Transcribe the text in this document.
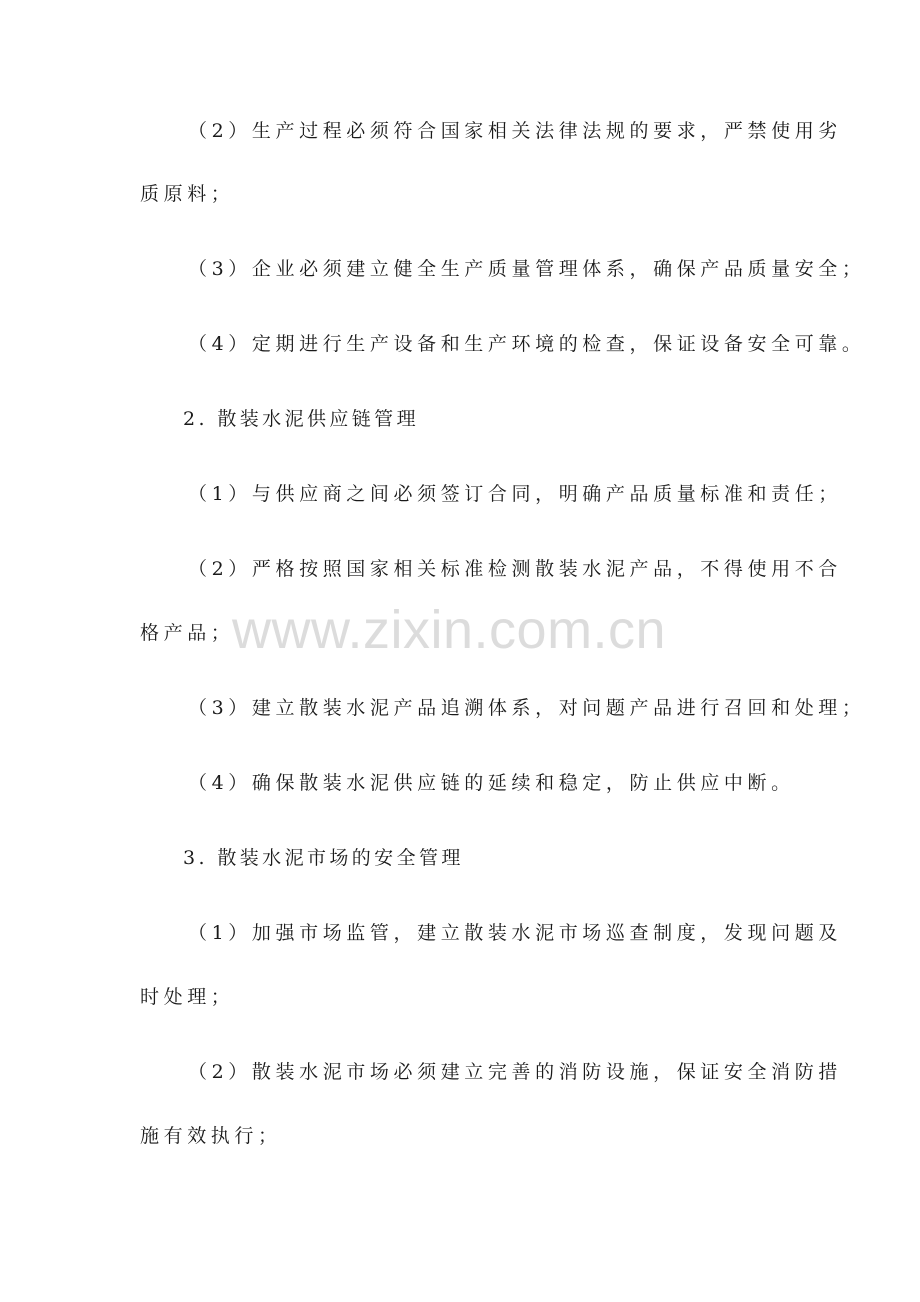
www.zixin.com.cn
（2）生产过程必须符合国家相关法律法规的要求，严禁使用劣
质原料；
（3）企业必须建立健全生产质量管理体系，确保产品质量安全；
（4）定期进行生产设备和生产环境的检查，保证设备安全可靠。
2. 散装水泥供应链管理
（1）与供应商之间必须签订合同，明确产品质量标准和责任；
（2）严格按照国家相关标准检测散装水泥产品，不得使用不合
格产品；
（3）建立散装水泥产品追溯体系，对问题产品进行召回和处理；
（4）确保散装水泥供应链的延续和稳定，防止供应中断。
3. 散装水泥市场的安全管理
（1）加强市场监管，建立散装水泥市场巡查制度，发现问题及
时处理；
（2）散装水泥市场必须建立完善的消防设施，保证安全消防措
施有效执行；
